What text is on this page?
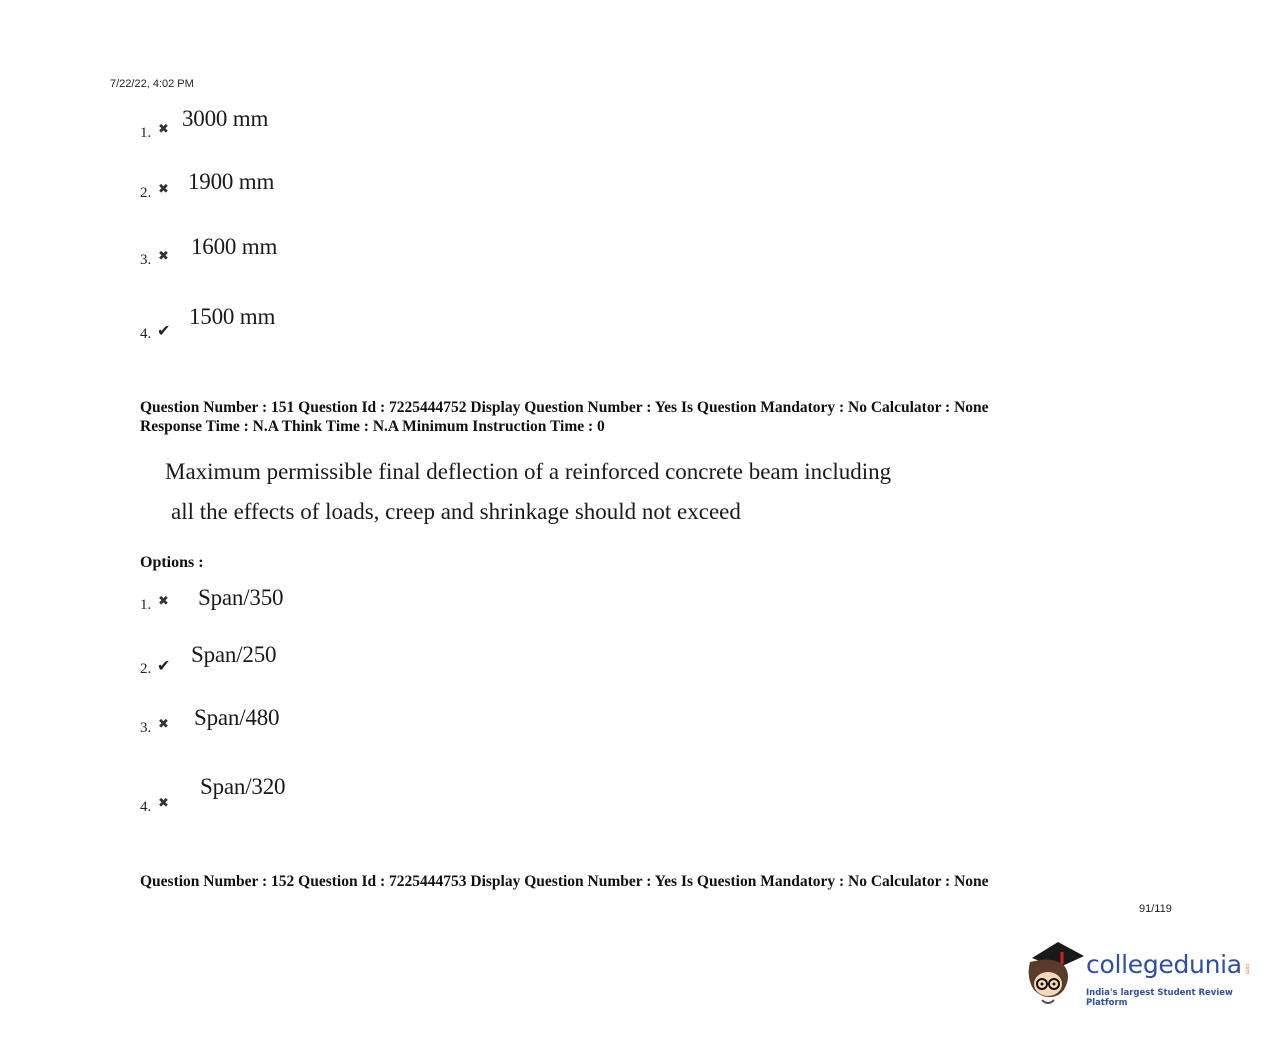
7/22/22, 4:02 PM
1. ✖ 3000 mm
2. ✖ 1900 mm
3. ✖ 1600 mm
4. ✔
1500 mm
Question Number : 151 Question Id : 7225444752 Display Question Number : Yes Is Question Mandatory : No Calculator : None
Response Time : N.A Think Time : N.A Minimum Instruction Time : 0
Maximum permissible final deflection of a reinforced concrete beam including
all the effects of loads, creep and shrinkage should not exceed
Options :
1. ✖ Span/350
2. ✔ Span/250
3. ✖ Span/480
4. ✖
Span/320
Question Number : 152 Question Id : 7225444753 Display Question Number : Yes Is Question Mandatory : No Calculator : None
91/119
collegedunia .com
India's largest Student Review Platform
